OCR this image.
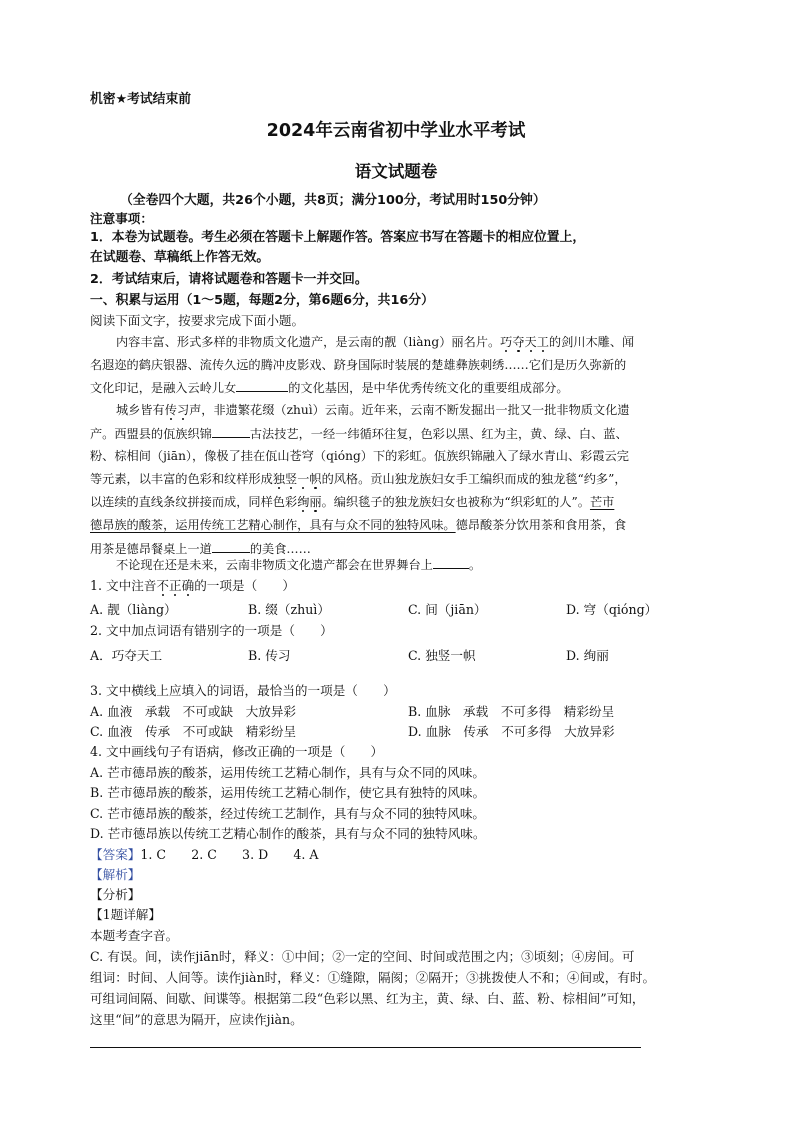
机密★考试结束前
2024年云南省初中学业水平考试
语文试题卷
（全卷四个大题，共26个小题，共8页；满分100分，考试用时150分钟）
注意事项：
1．本卷为试题卷。考生必须在答题卡上解题作答。答案应书写在答题卡的相应位置上，
在试题卷、草稿纸上作答无效。
2．考试结束后，请将试题卷和答题卡一并交回。
一、积累与运用（1～5题，每题2分，第6题6分，共16分）
阅读下面文字，按要求完成下面小题。
内容丰富、形式多样的非物质文化遗产，是云南的靓（liàng）丽名片。巧夺天工的剑川木雕、闻
名遐迩的鹤庆银器、流传久远的腾冲皮影戏、跻身国际时装展的楚雄彝族刺绣……它们是历久弥新的
文化印记，是融入云岭儿女	的文化基因，是中华优秀传统文化的重要组成部分。
城乡皆有传习声，非遗繁花缀（zhuì）云南。近年来，云南不断发掘出一批又一批非物质文化遗
产。西盟县的佤族织锦	古法技艺，一经一纬循环往复，色彩以黑、红为主，黄、绿、白、蓝、
粉、棕相间（jiān），像极了挂在佤山苍穹（qióng）下的彩虹。佤族织锦融入了绿水青山、彩霞云完
等元素，以丰富的色彩和纹样形成独竖一帜的风格。贡山独龙族妇女手工编织而成的独龙毯“约多”，
以连续的直线条纹拼接而成，同样色彩绚丽。编织毯子的独龙族妇女也被称为“织彩虹的人”。芒市
德昂族的酸茶，运用传统工艺精心制作，具有与众不同的独特风味。德昂酸茶分饮用茶和食用茶，食
用茶是德昂餐桌上一道	的美食……
不论现在还是未来，云南非物质文化遗产都会在世界舞台上	。
1. 文中注音不正确的一项是（　　）
A. 靓（liàng）	B. 缀（zhuì）	C. 间（jiān）	D. 穹（qióng）
2. 文中加点词语有错别字的一项是（　　）
A．巧夺天工	B. 传习	C. 独竖一帜	D. 绚丽
3. 文中横线上应填入的词语，最恰当的一项是（　　）
A. 血液　承载　不可或缺　大放异彩	B. 血脉　承载　不可多得　精彩纷呈
C. 血液　传承　不可或缺　精彩纷呈	D. 血脉　传承　不可多得　大放异彩
4. 文中画线句子有语病，修改正确的一项是（　　）
A. 芒市德昂族的酸茶，运用传统工艺精心制作，具有与众不同的风味。
B. 芒市德昂族的酸茶，运用传统工艺精心制作，使它具有独特的风味。
C. 芒市德昂族的酸茶，经过传统工艺制作，具有与众不同的独特风味。
D. 芒市德昂族以传统工艺精心制作的酸茶，具有与众不同的独特风味。
【答案】1. C　　2. C　　3. D　　4. A
【解析】
【分析】
【1题详解】
本题考查字音。
C. 有误。间，读作jiān时，释义：①中间；②一定的空间、时间或范围之内；③顷刻；④房间。可
组词：时间、人间等。读作jiàn时，释义：①缝隙，隔阂；②隔开；③挑拨使人不和；④间或，有时。
可组词间隔、间歇、间谍等。根据第二段“色彩以黑、红为主，黄、绿、白、蓝、粉、棕相间”可知，
这里“间”的意思为隔开，应读作jiàn。
